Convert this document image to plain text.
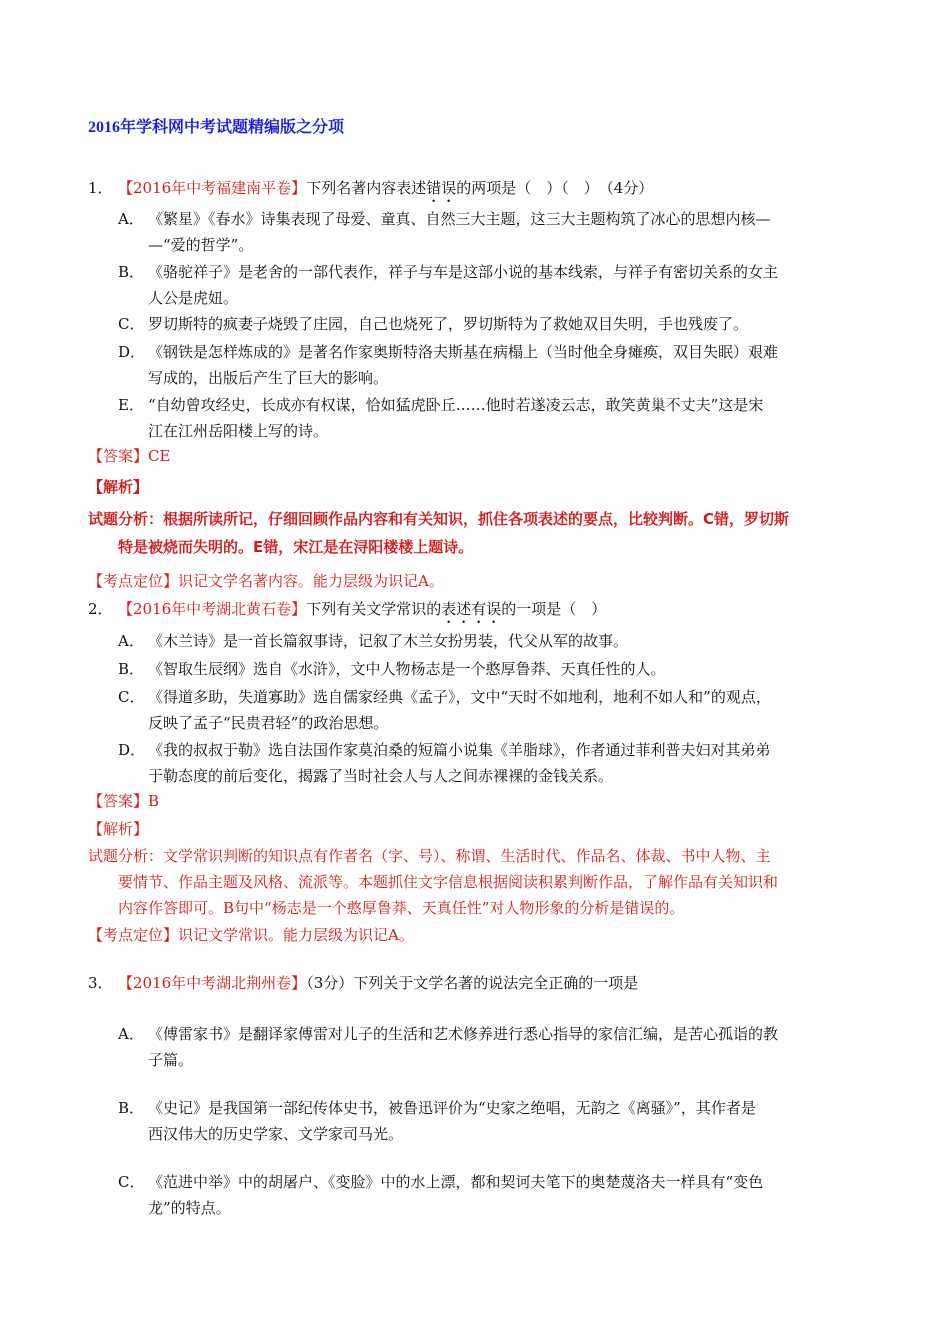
2016年学科网中考试题精编版之分项
1． 【2016年中考福建南平卷】下列名著内容表述错误的两项是（　）（　）　（4分）
A． 《繁星》《春水》诗集表现了母爱、童真、自然三大主题，这三大主题构筑了冰心的思想内核—
—“爱的哲学”。
B． 《骆驼祥子》是老舍的一部代表作，祥子与车是这部小说的基本线索，与祥子有密切关系的女主
人公是虎妞。
C． 罗切斯特的疯妻子烧毁了庄园，自己也烧死了，罗切斯特为了救她双目失明，手也残废了。
D． 《钢铁是怎样炼成的》是著名作家奥斯特洛夫斯基在病榻上（当时他全身瘫痪，双目失眠）艰难
写成的，出版后产生了巨大的影响。
E． “自幼曾攻经史，长成亦有权谋，恰如猛虎卧丘……他时若遂凌云志，敢笑黄巢不丈夫”这是宋
江在江州岳阳楼上写的诗。
【答案】CE
【解析】
试题分析：根据所读所记，仔细回顾作品内容和有关知识，抓住各项表述的要点，比较判断。C错，罗切斯
特是被烧而失明的。E错，宋江是在浔阳楼楼上题诗。
【考点定位】识记文学名著内容。能力层级为识记A。
2． 【2016年中考湖北黄石卷】下列有关文学常识的表述有误的一项是（　）
A． 《木兰诗》是一首长篇叙事诗，记叙了木兰女扮男装，代父从军的故事。
B． 《智取生辰纲》选自《水浒》，文中人物杨志是一个憨厚鲁莽、天真任性的人。
C． 《得道多助，失道寡助》选自儒家经典《孟子》，文中“天时不如地利，地利不如人和”的观点，
反映了孟子“民贵君轻”的政治思想。
D． 《我的叔叔于勒》选自法国作家莫泊桑的短篇小说集《羊脂球》，作者通过菲利普夫妇对其弟弟
于勒态度的前后变化，揭露了当时社会人与人之间赤裸裸的金钱关系。
【答案】B
【解析】
试题分析：文学常识判断的知识点有作者名（字、号）、称谓、生活时代、作品名、体裁、书中人物、主
要情节、作品主题及风格、流派等。本题抓住文字信息根据阅读积累判断作品，了解作品有关知识和
内容作答即可。B句中“杨志是一个憨厚鲁莽、天真任性”对人物形象的分析是错误的。
【考点定位】识记文学常识。能力层级为识记A。
3． 【2016年中考湖北荆州卷】（3分）下列关于文学名著的说法完全正确的一项是
A． 《傅雷家书》是翻译家傅雷对儿子的生活和艺术修养进行悉心指导的家信汇编，是苦心孤诣的教
子篇。
B． 《史记》是我国第一部纪传体史书，被鲁迅评价为“史家之绝唱，无韵之《离骚》”，其作者是
西汉伟大的历史学家、文学家司马光。
C． 《范进中举》中的胡屠户、《变脸》中的水上漂，都和契诃夫笔下的奥楚蔑洛夫一样具有“变色
龙”的特点。
